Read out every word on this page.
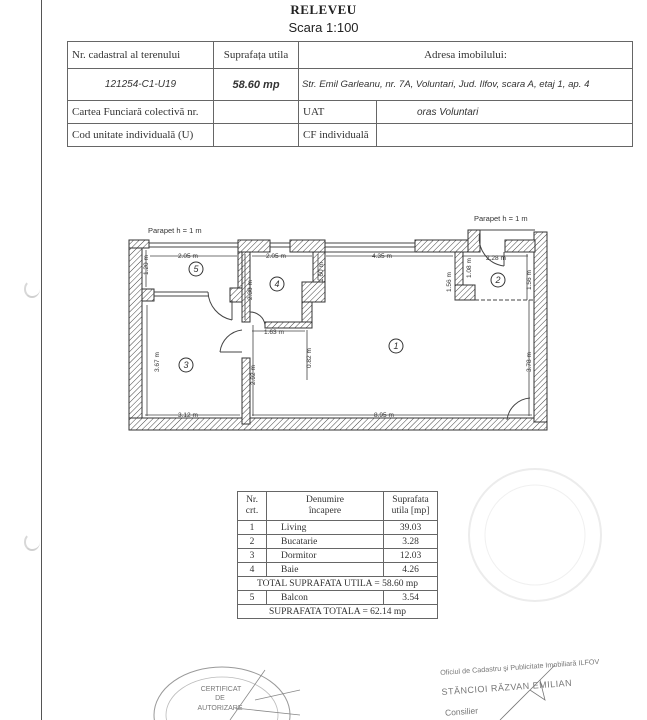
RELEVEU
Scara 1:100
Nr. cadastral al terenului	Suprafața utila	Adresa imobilului:	
121254-C1-U19	58.60 mp	Str. Emil Garleanu, nr. 7A, Voluntari, Jud. Ilfov, scara A, etaj 1, ap. 4	
Cartea Funciară colectivă nr.		UAT	oras Voluntari
Cod unitate individuală (U)		CF individuală	
Parapet h = 1 m
Parapet h = 1 m
2.05 m
1.20 m	2.05 m
2.30 m
1.60 m
1.63 m
4.35 m
0.82 m
2.28 m
1.08 m
1.56 m	1.56 m
3.67 m
3.12 m
2.92 m
3.78 m
8.95 m
1
2
3
4
5
CERTIFICAT
DE
AUTORIZARE
Oficiul de Cadastru şi Publicitate Imobiliară ILFOV
STĂNCIOI RĂZVAN EMILIAN
Consilier
Nr.
crt.	Denumire
încapere	Suprafata
utila [mp]
1	Living	39.03
2	Bucatarie	3.28
3	Dormitor	12.03
4	Baie	4.26
TOTAL SUPRAFATA UTILA = 58.60 mp		
5	Balcon	3.54
SUPRAFATA TOTALA = 62.14 mp		
